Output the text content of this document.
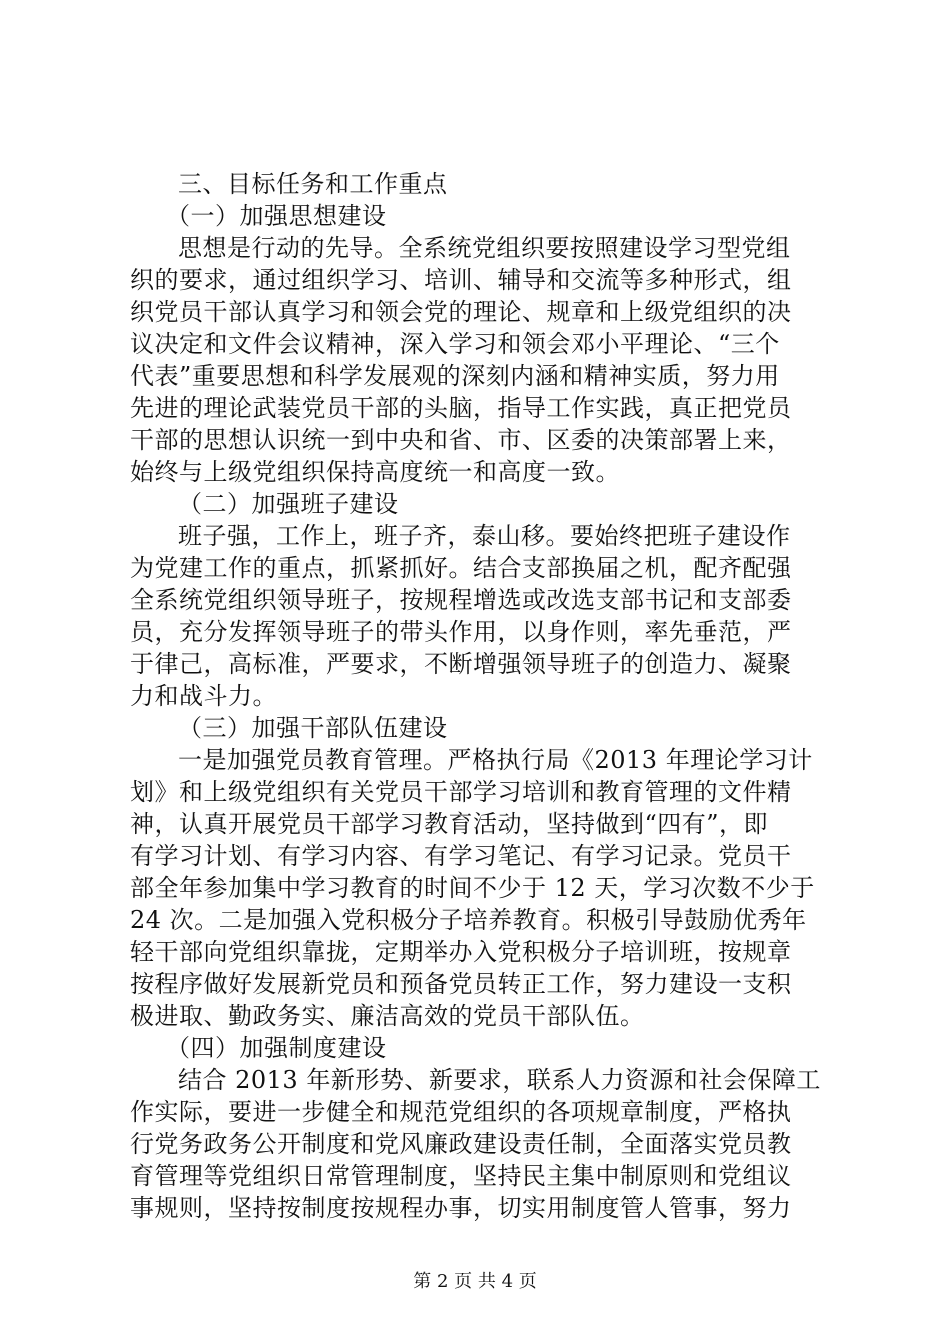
三、目标任务和工作重点
（一）加强思想建设
思想是行动的先导。全系统党组织要按照建设学习型党组
织的要求，通过组织学习、培训、辅导和交流等多种形式，组
织党员干部认真学习和领会党的理论、规章和上级党组织的决
议决定和文件会议精神，深入学习和领会邓小平理论、“三个
代表”重要思想和科学发展观的深刻内涵和精神实质，努力用
先进的理论武装党员干部的头脑，指导工作实践，真正把党员
干部的思想认识统一到中央和省、市、区委的决策部署上来，
始终与上级党组织保持高度统一和高度一致。
（二）加强班子建设
班子强，工作上，班子齐，泰山移。要始终把班子建设作
为党建工作的重点，抓紧抓好。结合支部换届之机，配齐配强
全系统党组织领导班子，按规程增选或改选支部书记和支部委
员，充分发挥领导班子的带头作用，以身作则，率先垂范，严
于律己，高标准，严要求，不断增强领导班子的创造力、凝聚
力和战斗力。
（三）加强干部队伍建设
一是加强党员教育管理。严格执行局《2013 年理论学习计
划》和上级党组织有关党员干部学习培训和教育管理的文件精
神，认真开展党员干部学习教育活动，坚持做到“四有”，即
有学习计划、有学习内容、有学习笔记、有学习记录。党员干
部全年参加集中学习教育的时间不少于 12 天，学习次数不少于
24 次。二是加强入党积极分子培养教育。积极引导鼓励优秀年
轻干部向党组织靠拢，定期举办入党积极分子培训班，按规章
按程序做好发展新党员和预备党员转正工作，努力建设一支积
极进取、勤政务实、廉洁高效的党员干部队伍。
（四）加强制度建设
结合 2013 年新形势、新要求，联系人力资源和社会保障工
作实际，要进一步健全和规范党组织的各项规章制度，严格执
行党务政务公开制度和党风廉政建设责任制，全面落实党员教
育管理等党组织日常管理制度，坚持民主集中制原则和党组议
事规则，坚持按制度按规程办事，切实用制度管人管事，努力
第 2 页 共 4 页
